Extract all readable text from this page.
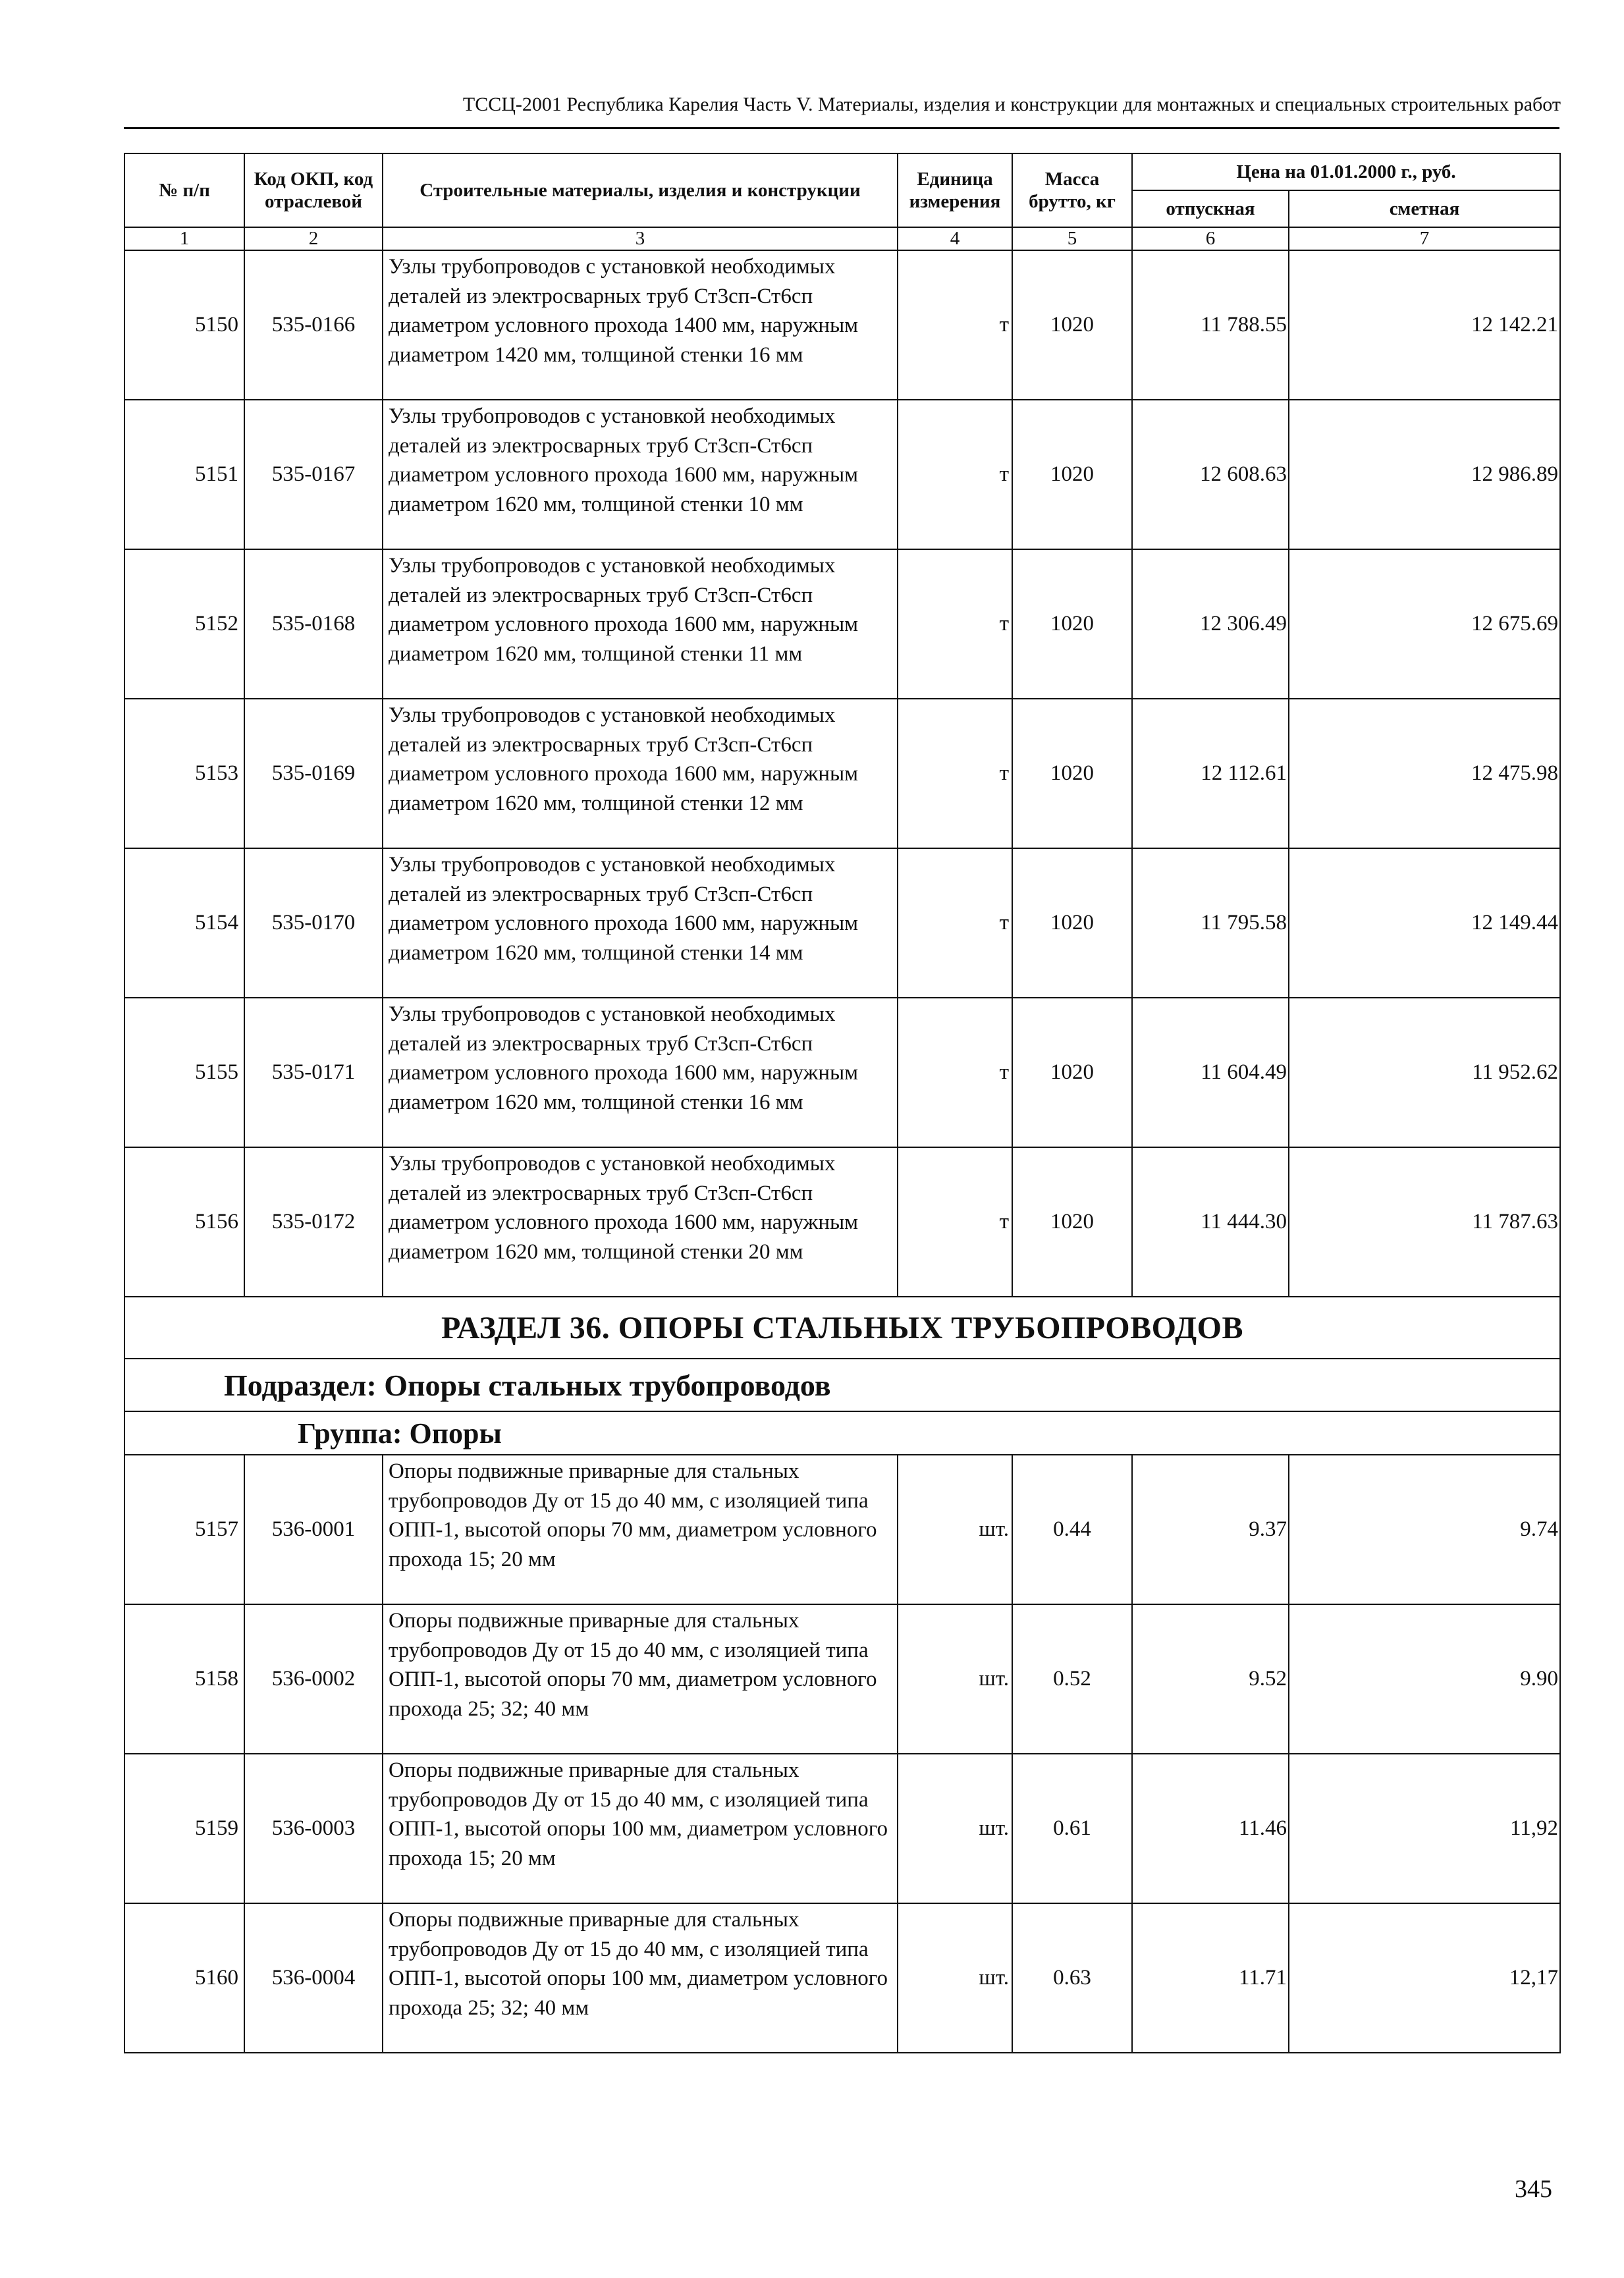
ТССЦ-2001 Республика Карелия Часть V. Материалы, изделия и конструкции для монтажных и специальных строительных работ
№ п/п	Код ОКП, код отраслевой	Строительные материалы, изделия и конструкции	Единица измерения	Масса брутто, кг	Цена на 01.01.2000 г., руб.	
					отпускная	сметная
1	2	3	4	5	6	7
5150	535-0166	Узлы трубопроводов с установкой необходимых деталей из электросварных труб Ст3сп-Ст6сп диаметром условного прохода 1400 мм, наружным диаметром 1420 мм, толщиной стенки 16 мм	т	1020	11 788.55	12 142.21
5151	535-0167	Узлы трубопроводов с установкой необходимых деталей из электросварных труб Ст3сп-Ст6сп диаметром условного прохода 1600 мм, наружным диаметром 1620 мм, толщиной стенки 10 мм	т	1020	12 608.63	12 986.89
5152	535-0168	Узлы трубопроводов с установкой необходимых деталей из электросварных труб Ст3сп-Ст6сп диаметром условного прохода 1600 мм, наружным диаметром 1620 мм, толщиной стенки 11 мм	т	1020	12 306.49	12 675.69
5153	535-0169	Узлы трубопроводов с установкой необходимых деталей из электросварных труб Ст3сп-Ст6сп диаметром условного прохода 1600 мм, наружным диаметром 1620 мм, толщиной стенки 12 мм	т	1020	12 112.61	12 475.98
5154	535-0170	Узлы трубопроводов с установкой необходимых деталей из электросварных труб Ст3сп-Ст6сп диаметром условного прохода 1600 мм, наружным диаметром 1620 мм, толщиной стенки 14 мм	т	1020	11 795.58	12 149.44
5155	535-0171	Узлы трубопроводов с установкой необходимых деталей из электросварных труб Ст3сп-Ст6сп диаметром условного прохода 1600 мм, наружным диаметром 1620 мм, толщиной стенки 16 мм	т	1020	11 604.49	11 952.62
5156	535-0172	Узлы трубопроводов с установкой необходимых деталей из электросварных труб Ст3сп-Ст6сп диаметром условного прохода 1600 мм, наружным диаметром 1620 мм, толщиной стенки 20 мм	т	1020	11 444.30	11 787.63
РАЗДЕЛ 36. ОПОРЫ СТАЛЬНЫХ ТРУБОПРОВОДОВ						
Подраздел: Опоры стальных трубопроводов						
Группа: Опоры						
5157	536-0001	Опоры подвижные приварные для стальных трубопроводов Ду от 15 до 40 мм, с изоляцией типа ОПП-1, высотой опоры 70 мм, диаметром условного прохода 15; 20 мм	шт.	0.44	9.37	9.74
5158	536-0002	Опоры подвижные приварные для стальных трубопроводов Ду от 15 до 40 мм, с изоляцией типа ОПП-1, высотой опоры 70 мм, диаметром условного прохода 25; 32; 40 мм	шт.	0.52	9.52	9.90
5159	536-0003	Опоры подвижные приварные для стальных трубопроводов Ду от 15 до 40 мм, с изоляцией типа ОПП-1, высотой опоры 100 мм, диаметром условного прохода 15; 20 мм	шт.	0.61	11.46	11,92
5160	536-0004	Опоры подвижные приварные для стальных трубопроводов Ду от 15 до 40 мм, с изоляцией типа ОПП-1, высотой опоры 100 мм, диаметром условного прохода 25; 32; 40 мм	шт.	0.63	11.71	12,17
345
